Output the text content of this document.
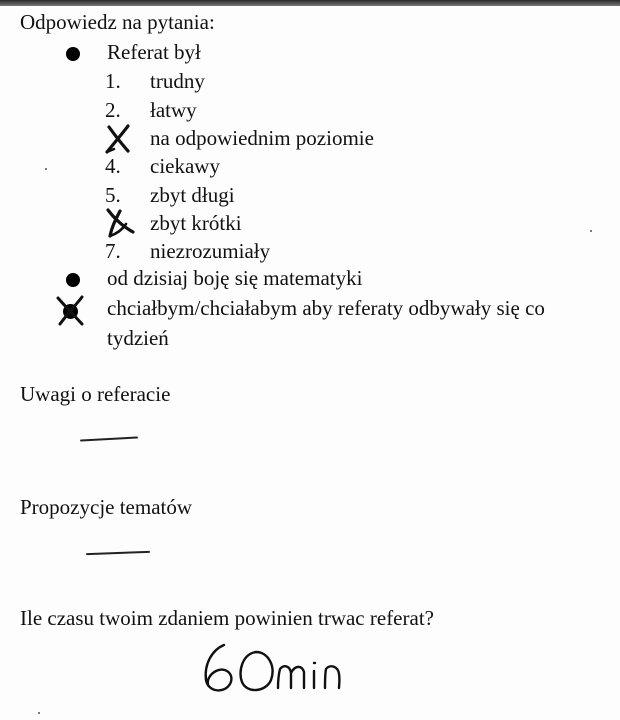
Odpowiedz na pytania:
Referat był
1. trudny
2. łatwy
na odpowiednim poziomie
4. ciekawy
5. zbyt długi
zbyt krótki
7. niezrozumiały
od dzisiaj boję się matematyki
chciałbym/chciałabym aby referaty odbywały się co
tydzień
Uwagi o referacie
Propozycje tematów
Ile czasu twoim zdaniem powinien trwac referat?
